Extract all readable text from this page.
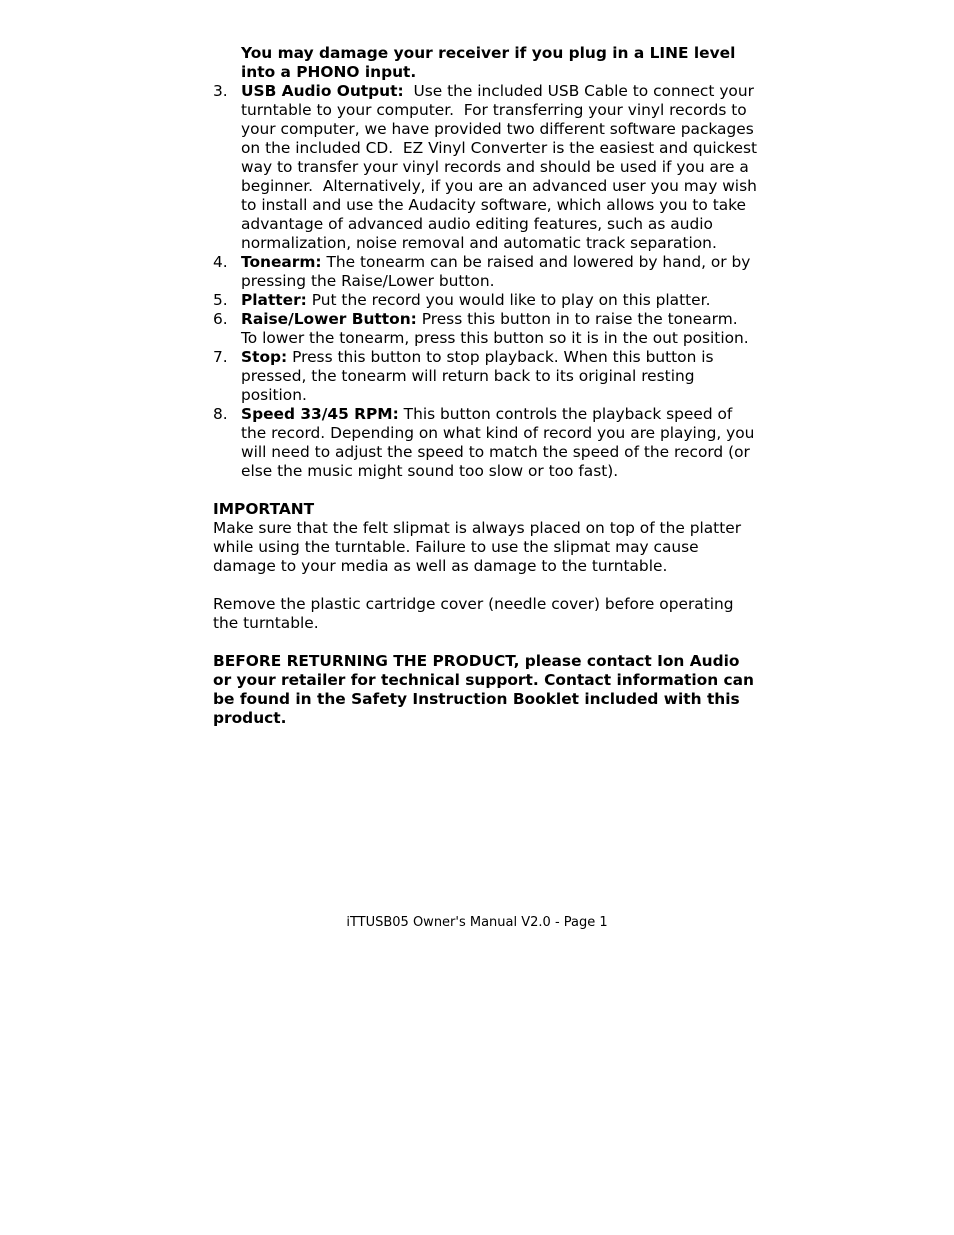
You may damage your receiver if you plug in a LINE level into a PHONO input.

3. USB Audio Output:  Use the included USB Cable to connect your turntable to your computer.  For transferring your vinyl records to your computer, we have provided two different software packages on the included CD.  EZ Vinyl Converter is the easiest and quickest way to transfer your vinyl records and should be used if you are a beginner.  Alternatively, if you are an advanced user you may wish to install and use the Audacity software, which allows you to take advantage of advanced audio editing features, such as audio normalization, noise removal and automatic track separation.
4. Tonearm: The tonearm can be raised and lowered by hand, or by pressing the Raise/Lower button.
5. Platter: Put the record you would like to play on this platter.
6. Raise/Lower Button: Press this button in to raise the tonearm. To lower the tonearm, press this button so it is in the out position.
7. Stop: Press this button to stop playback. When this button is pressed, the tonearm will return back to its original resting position.
8. Speed 33/45 RPM: This button controls the playback speed of the record. Depending on what kind of record you are playing, you will need to adjust the speed to match the speed of the record (or else the music might sound too slow or too fast).
IMPORTANT
Make sure that the felt slipmat is always placed on top of the platter while using the turntable. Failure to use the slipmat may cause damage to your media as well as damage to the turntable.

Remove the plastic cartridge cover (needle cover) before operating the turntable.

BEFORE RETURNING THE PRODUCT, please contact Ion Audio or your retailer for technical support. Contact information can be found in the Safety Instruction Booklet included with this product.

iTTUSB05 Owner's Manual V2.0 - Page 1
